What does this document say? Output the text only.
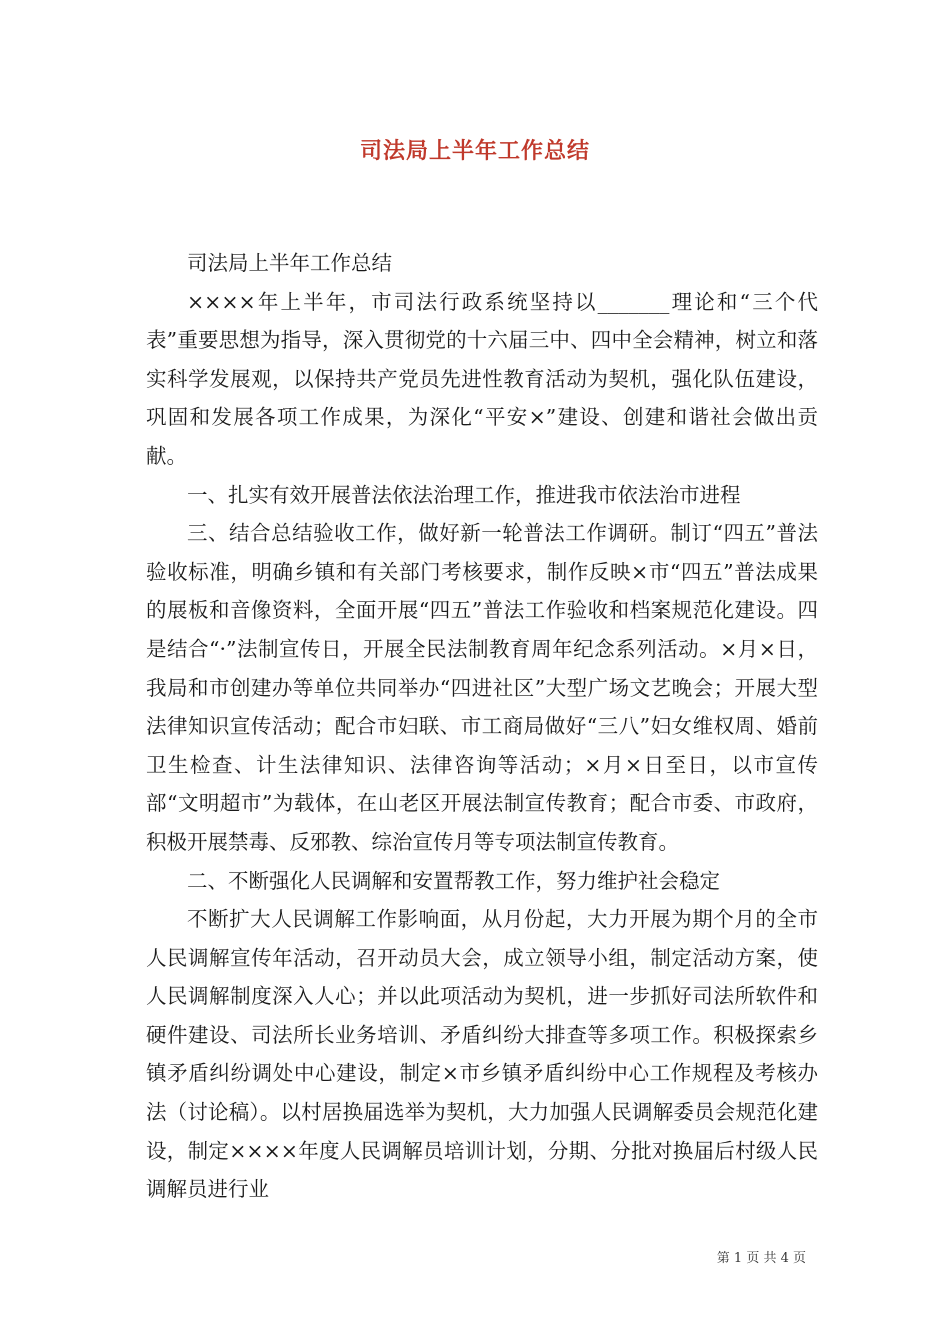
司法局上半年工作总结

司法局上半年工作总结

××××年上半年，市司法行政系统坚持以_______理论和“三个代表”重要思想为指导，深入贯彻党的十六届三中、四中全会精神，树立和落实科学发展观，以保持共产党员先进性教育活动为契机，强化队伍建设，巩固和发展各项工作成果，为深化“平安×”建设、创建和谐社会做出贡献。

一、扎实有效开展普法依法治理工作，推进我市依法治市进程

三、结合总结验收工作，做好新一轮普法工作调研。制订“四五”普法验收标准，明确乡镇和有关部门考核要求，制作反映×市“四五”普法成果的展板和音像资料，全面开展“四五”普法工作验收和档案规范化建设。四是结合“·”法制宣传日，开展全民法制教育周年纪念系列活动。×月×日，我局和市创建办等单位共同举办“四进社区”大型广场文艺晚会；开展大型法律知识宣传活动；配合市妇联、市工商局做好“三八”妇女维权周、婚前卫生检查、计生法律知识、法律咨询等活动；×月×日至日，以市宣传部“文明超市”为载体，在山老区开展法制宣传教育；配合市委、市政府，积极开展禁毒、反邪教、综治宣传月等专项法制宣传教育。

二、不断强化人民调解和安置帮教工作，努力维护社会稳定

不断扩大人民调解工作影响面，从月份起，大力开展为期个月的全市人民调解宣传年活动，召开动员大会，成立领导小组，制定活动方案，使人民调解制度深入人心；并以此项活动为契机，进一步抓好司法所软件和硬件建设、司法所长业务培训、矛盾纠纷大排查等多项工作。积极探索乡镇矛盾纠纷调处中心建设，制定×市乡镇矛盾纠纷中心工作规程及考核办法（讨论稿）。以村居换届选举为契机，大力加强人民调解委员会规范化建设，制定××××年度人民调解员培训计划，分期、分批对换届后村级人民调解员进行业

第 1 页 共 4 页
